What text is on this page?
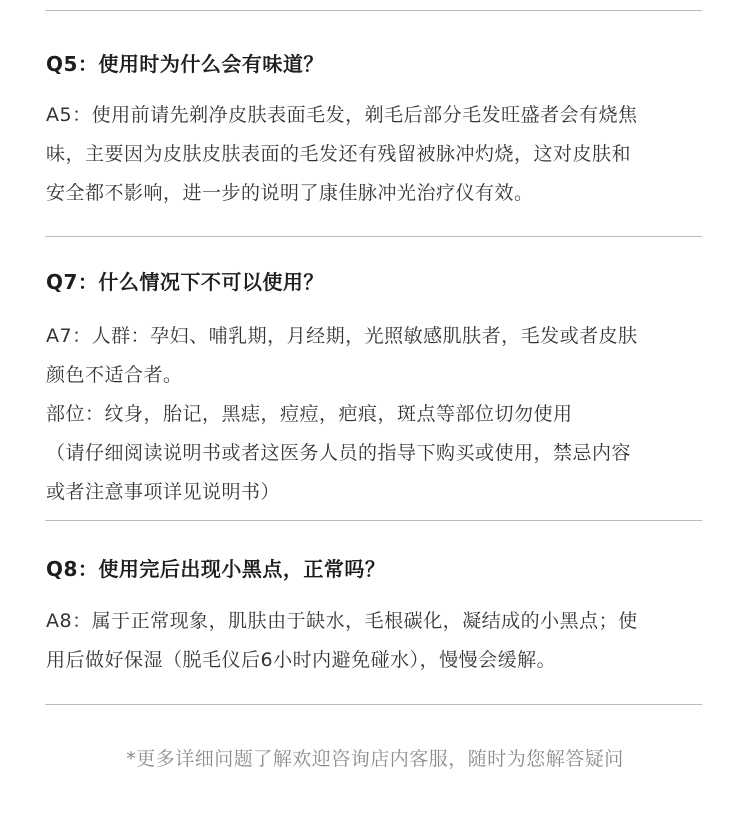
Q5：使用时为什么会有味道？
A5：使用前请先剃净皮肤表面毛发，剃毛后部分毛发旺盛者会有烧焦
味，主要因为皮肤皮肤表面的毛发还有残留被脉冲灼烧，这对皮肤和
安全都不影响，进一步的说明了康佳脉冲光治疗仪有效。
Q7：什么情况下不可以使用？
A7：人群：孕妇、哺乳期，月经期，光照敏感肌肤者，毛发或者皮肤
颜色不适合者。
部位：纹身，胎记，黑痣，痘痘，疤痕，斑点等部位切勿使用
（请仔细阅读说明书或者这医务人员的指导下购买或使用，禁忌内容
或者注意事项详见说明书）
Q8：使用完后出现小黑点，正常吗？
A8：属于正常现象，肌肤由于缺水，毛根碳化，凝结成的小黑点；使
用后做好保湿（脱毛仪后6小时内避免碰水），慢慢会缓解。
*更多详细问题了解欢迎咨询店内客服，随时为您解答疑问
